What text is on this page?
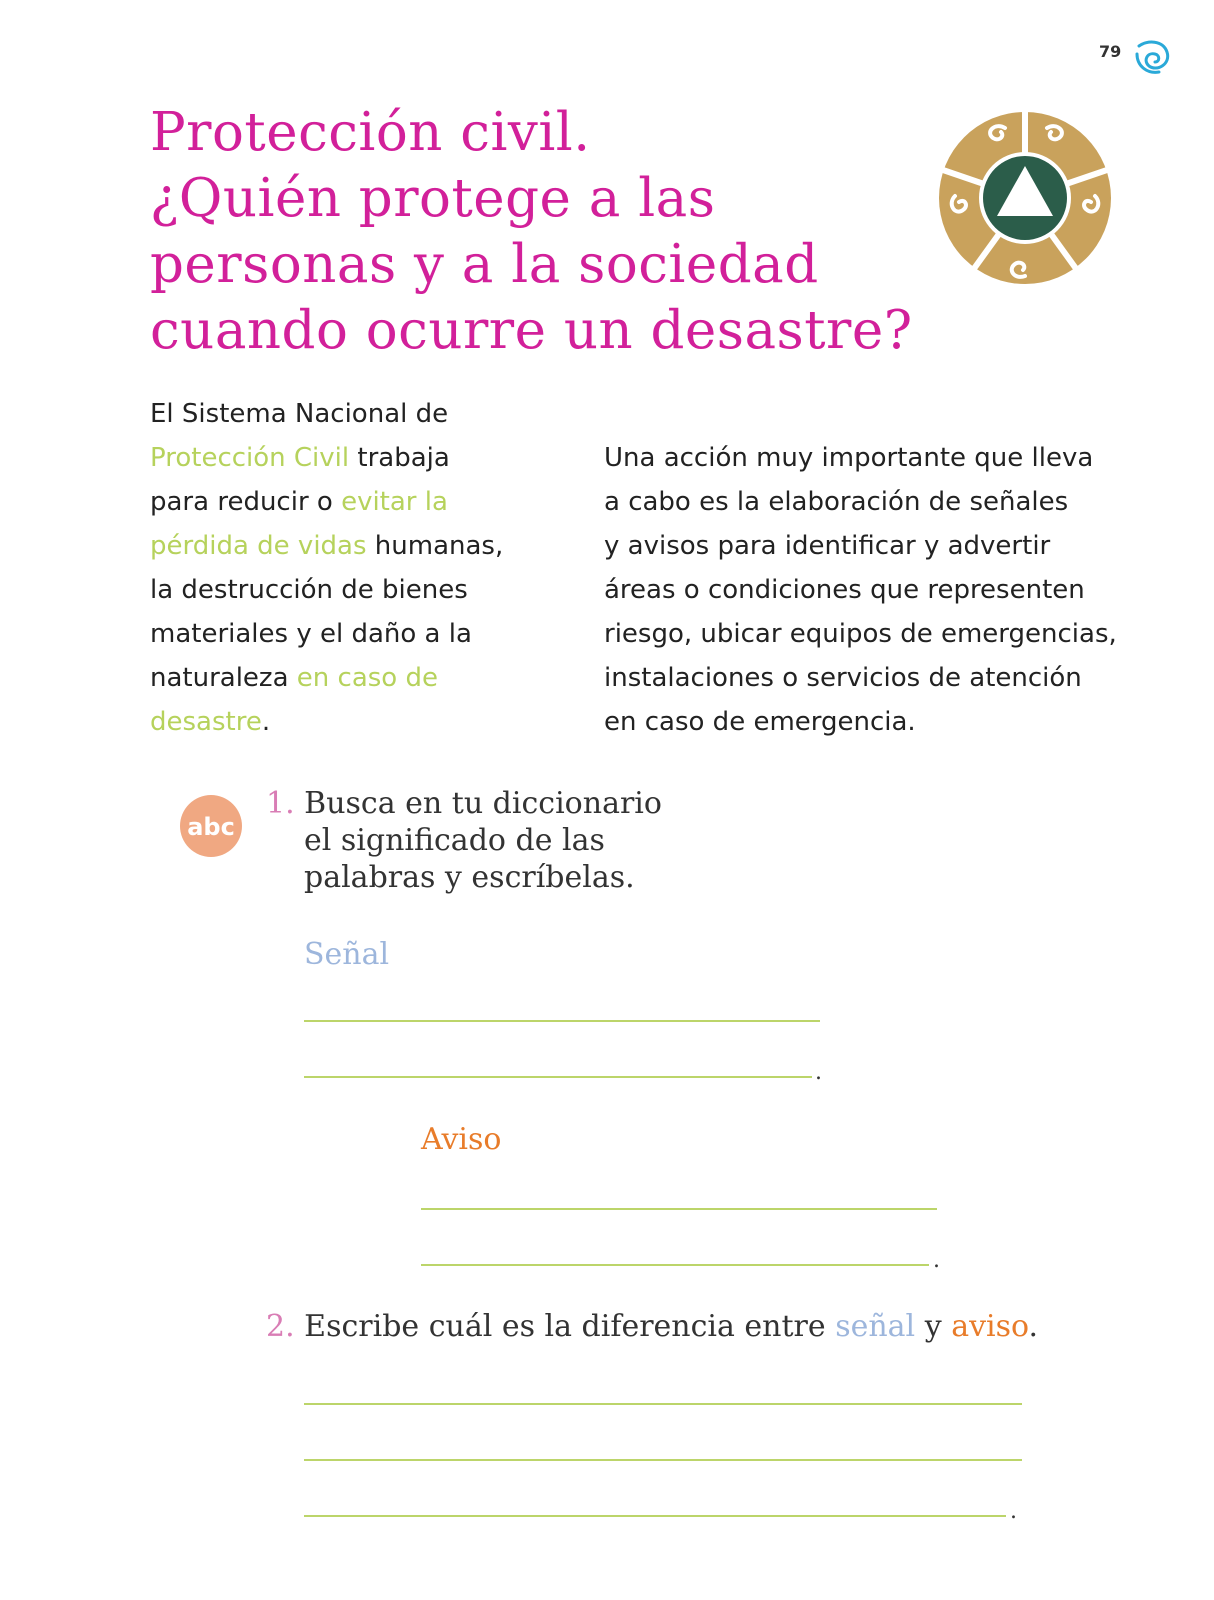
79
Protección civil.
¿Quién protege a las
personas y a la sociedad
cuando ocurre un desastre?
El Sistema Nacional de
Protección Civil trabaja
para reducir o evitar la
pérdida de vidas humanas,
la destrucción de bienes
materiales y el daño a la
naturaleza en caso de
desastre.
Una acción muy importante que lleva
a cabo es la elaboración de señales
y avisos para identificar y advertir
áreas o condiciones que representen
riesgo, ubicar equipos de emergencias,
instalaciones o servicios de atención
en caso de emergencia.
abc
1. Busca en tu diccionario
el significado de las
palabras y escríbelas.
Señal
.
Aviso
.
2. Escribe cuál es la diferencia entre señal y aviso.
.
